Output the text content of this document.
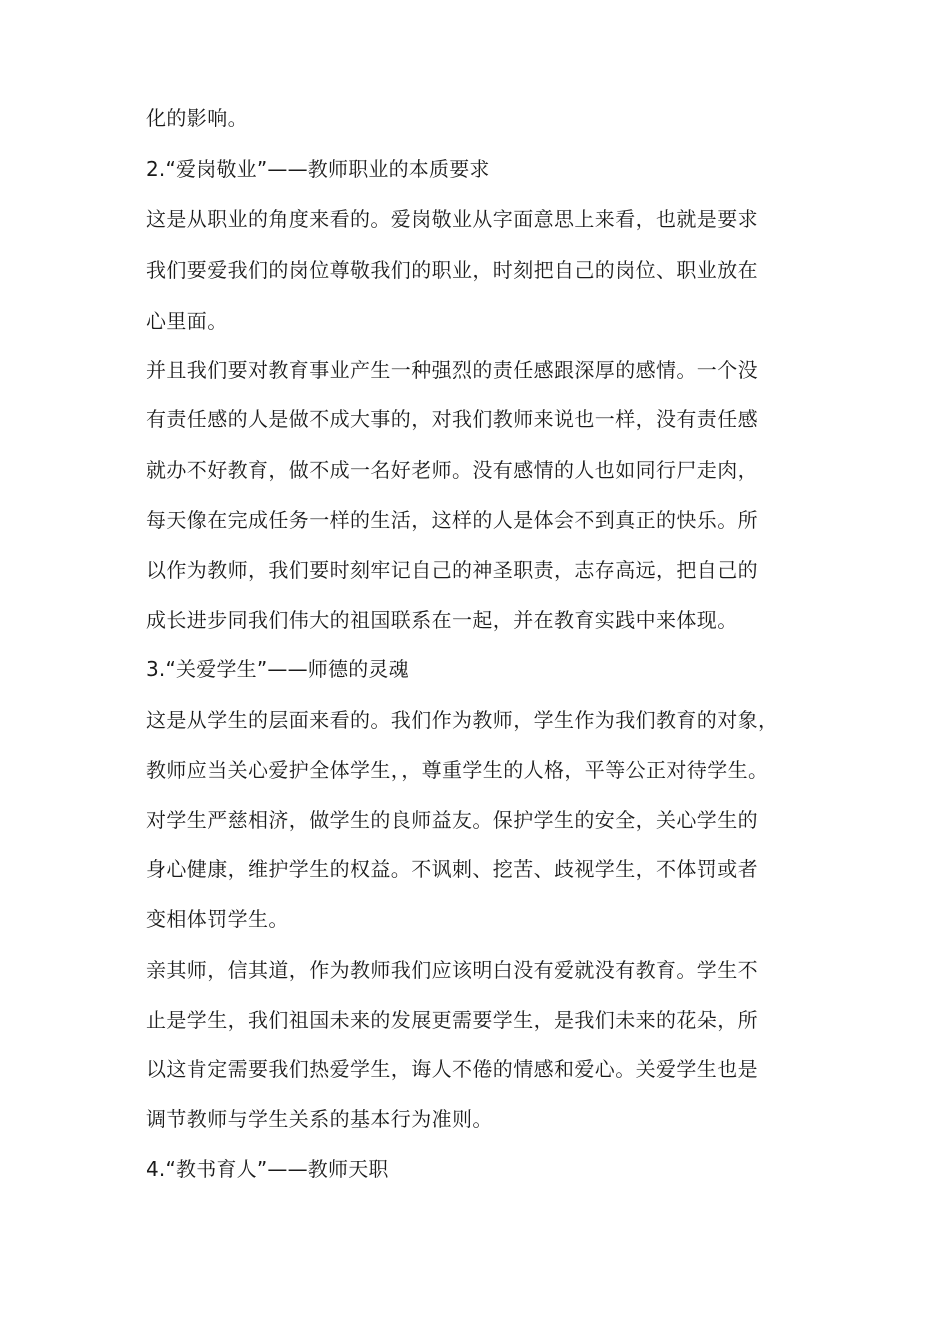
化的影响。
2.“爱岗敬业”——教师职业的本质要求
这是从职业的角度来看的。爱岗敬业从字面意思上来看，也就是要求
我们要爱我们的岗位尊敬我们的职业，时刻把自己的岗位、职业放在
心里面。
并且我们要对教育事业产生一种强烈的责任感跟深厚的感情。一个没
有责任感的人是做不成大事的，对我们教师来说也一样，没有责任感
就办不好教育，做不成一名好老师。没有感情的人也如同行尸走肉，
每天像在完成任务一样的生活，这样的人是体会不到真正的快乐。所
以作为教师，我们要时刻牢记自己的神圣职责，志存高远，把自己的
成长进步同我们伟大的祖国联系在一起，并在教育实践中来体现。
3.“关爱学生”——师德的灵魂
这是从学生的层面来看的。我们作为教师，学生作为我们教育的对象，
教师应当关心爱护全体学生，，尊重学生的人格，平等公正对待学生。
对学生严慈相济，做学生的良师益友。保护学生的安全，关心学生的
身心健康，维护学生的权益。不讽刺、挖苦、歧视学生，不体罚或者
变相体罚学生。
亲其师，信其道，作为教师我们应该明白没有爱就没有教育。学生不
止是学生，我们祖国未来的发展更需要学生，是我们未来的花朵，所
以这肯定需要我们热爱学生，诲人不倦的情感和爱心。关爱学生也是
调节教师与学生关系的基本行为准则。
4.“教书育人”——教师天职
